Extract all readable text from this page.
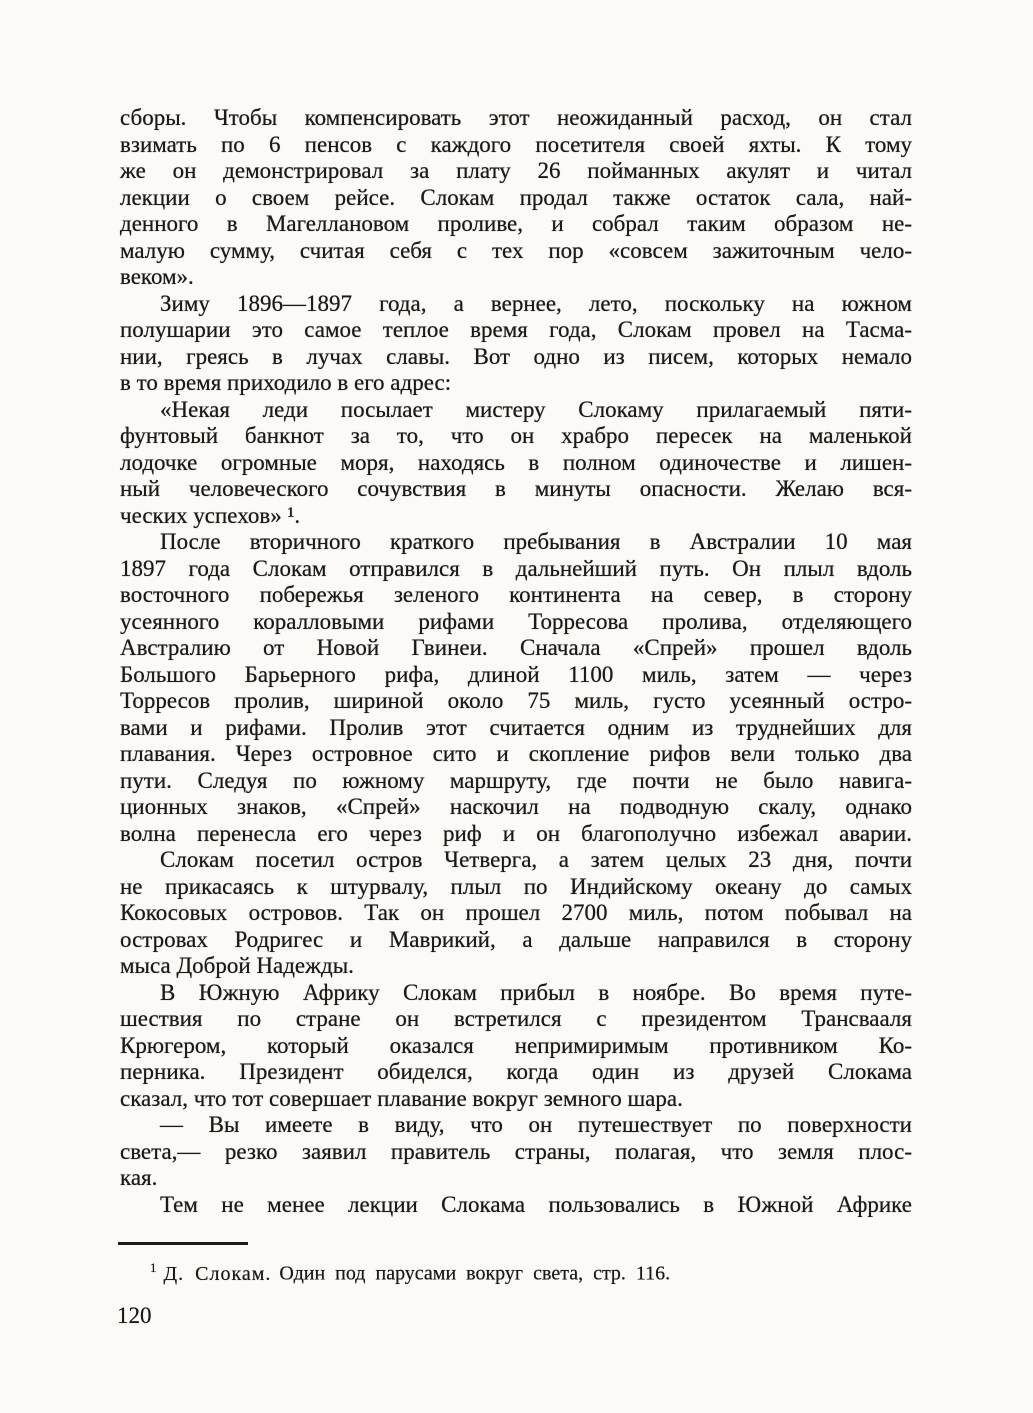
сборы. Чтобы компенсировать этот неожиданный расход, он стал
взимать по 6 пенсов с каждого посетителя своей яхты. К тому
же он демонстрировал за плату 26 пойманных акулят и читал
лекции о своем рейсе. Слокам продал также остаток сала, най-
денного в Магеллановом проливе, и собрал таким образом не-
малую сумму, считая себя с тех пор «совсем зажиточным чело-
веком».
Зиму 1896—1897 года, а вернее, лето, поскольку на южном
полушарии это самое теплое время года, Слокам провел на Тасма-
нии, греясь в лучах славы. Вот одно из писем, которых немало
в то время приходило в его адрес:
«Некая леди посылает мистеру Слокаму прилагаемый пяти-
фунтовый банкнот за то, что он храбро пересек на маленькой
лодочке огромные моря, находясь в полном одиночестве и лишен-
ный человеческого сочувствия в минуты опасности. Желаю вся-
ческих успехов» ¹.
После вторичного краткого пребывания в Австралии 10 мая
1897 года Слокам отправился в дальнейший путь. Он плыл вдоль
восточного побережья зеленого континента на север, в сторону
усеянного коралловыми рифами Торресова пролива, отделяющего
Австралию от Новой Гвинеи. Сначала «Спрей» прошел вдоль
Большого Барьерного рифа, длиной 1100 миль, затем — через
Торресов пролив, шириной около 75 миль, густо усеянный остро-
вами и рифами. Пролив этот считается одним из труднейших для
плавания. Через островное сито и скопление рифов вели только два
пути. Следуя по южному маршруту, где почти не было навига-
ционных знаков, «Спрей» наскочил на подводную скалу, однако
волна перенесла его через риф и он благополучно избежал аварии.
Слокам посетил остров Четверга, а затем целых 23 дня, почти
не прикасаясь к штурвалу, плыл по Индийскому океану до самых
Кокосовых островов. Так он прошел 2700 миль, потом побывал на
островах Родригес и Маврикий, а дальше направился в сторону
мыса Доброй Надежды.
В Южную Африку Слокам прибыл в ноябре. Во время путе-
шествия по стране он встретился с президентом Трансвааля
Крюгером, который оказался непримиримым противником Ко-
перника. Президент обиделся, когда один из друзей Слокама
сказал, что тот совершает плавание вокруг земного шара.
— Вы имеете в виду, что он путешествует по поверхности
света,— резко заявил правитель страны, полагая, что земля плос-
кая.
Тем не менее лекции Слокама пользовались в Южной Африке
$^1$ Д. Слокам. Один под парусами вокруг света, стр. 116.
120
